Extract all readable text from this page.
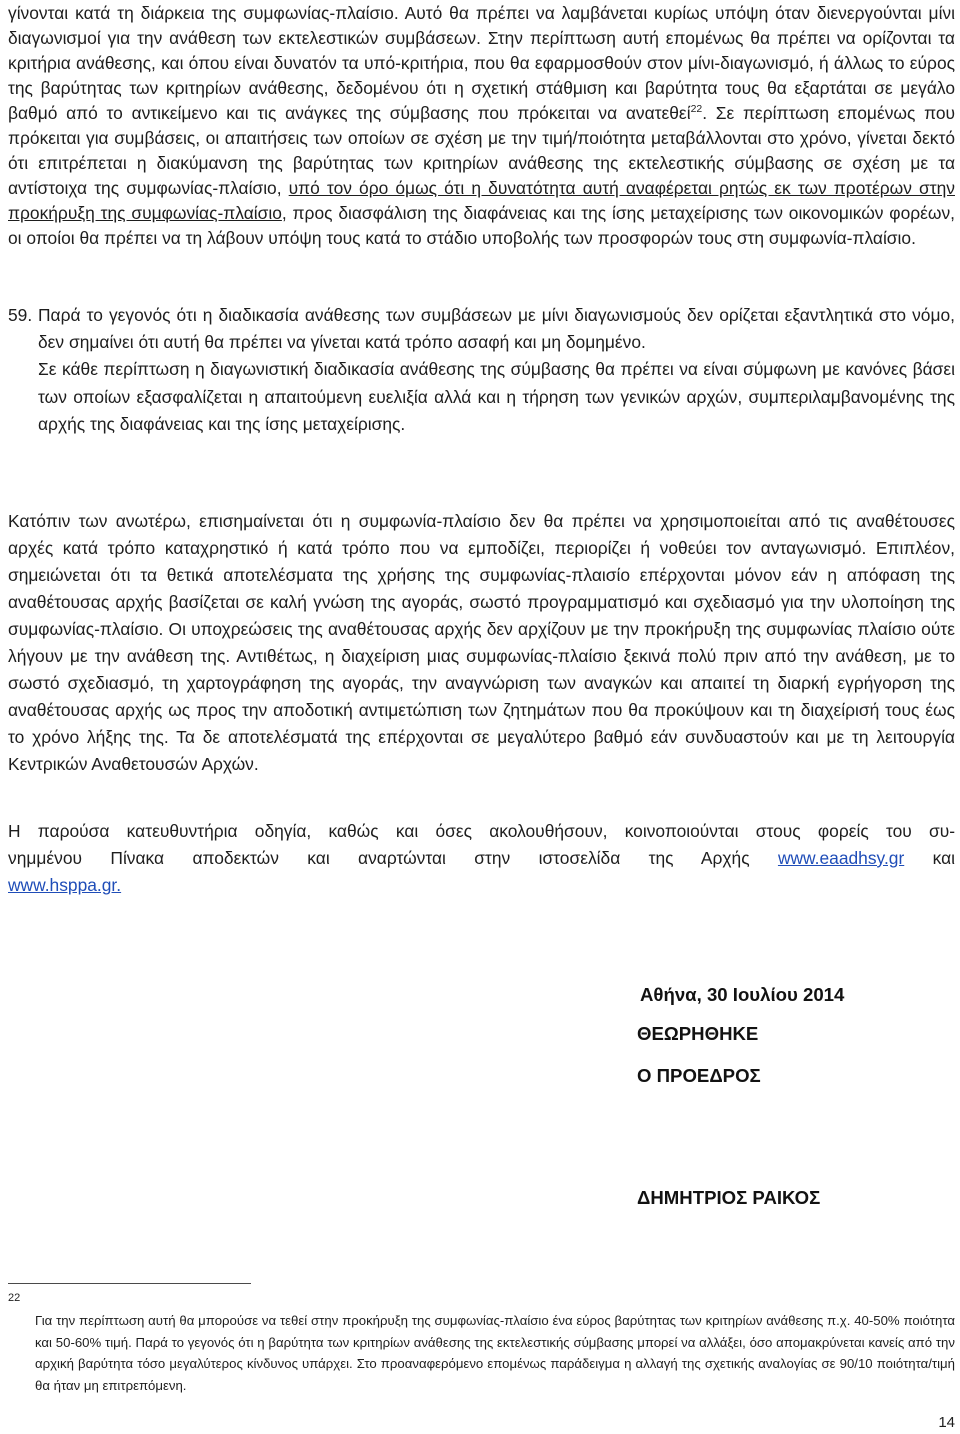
γίνονται κατά τη διάρκεια της συμφωνίας-πλαίσιο. Αυτό θα πρέπει να λαμβάνεται κυρίως υπόψη όταν διενεργούνται μίνι διαγωνισμοί για την ανάθεση των εκτελεστικών συμβάσεων. Στην περίπτωση αυτή επομένως θα πρέπει να ορίζονται τα κριτήρια ανάθεσης, και όπου είναι δυνατόν τα υπό-κριτήρια, που θα εφαρμοσθούν στον μίνι-διαγωνισμό, ή άλλως το εύρος της βαρύτητας των κριτηρίων ανάθεσης, δεδομένου ότι η σχετική στάθμιση και βαρύτητα τους θα εξαρτάται σε μεγάλο βαθμό από το αντικείμενο και τις ανάγκες της σύμβασης που πρόκειται να ανατεθεί$^{22}$. Σε περίπτωση επομένως που πρόκειται για συμβάσεις, οι απαιτήσεις των οποίων σε σχέση με την τιμή/ποιότητα μεταβάλλονται στο χρόνο, γίνεται δεκτό ότι επιτρέπεται η διακύμανση της βαρύτητας των κριτηρίων ανάθεσης της εκτελεστικής σύμβασης σε σχέση με τα αντίστοιχα της συμφωνίας-πλαίσιο, υπό τον όρο όμως ότι η δυνατότητα αυτή αναφέρεται ρητώς εκ των προτέρων στην προκήρυξη της συμφωνίας-πλαίσιο, προς διασφάλιση της διαφάνειας και της ίσης μεταχείρισης των οικονομικών φορέων, οι οποίοι θα πρέπει να τη λάβουν υπόψη τους κατά το στάδιο υποβολής των προσφορών τους στη συμφωνία-πλαίσιο.
59. Παρά το γεγονός ότι η διαδικασία ανάθεσης των συμβάσεων με μίνι διαγωνισμούς δεν ορίζεται εξαντλητικά στο νόμο, δεν σημαίνει ότι αυτή θα πρέπει να γίνεται κατά τρόπο ασαφή και μη δομημένο.
Σε κάθε περίπτωση η διαγωνιστική διαδικασία ανάθεσης της σύμβασης θα πρέπει να είναι σύμφωνη με κανόνες βάσει των οποίων εξασφαλίζεται η απαιτούμενη ευελιξία αλλά και η τήρηση των γενικών αρχών, συμπεριλαμβανομένης της αρχής της διαφάνειας και της ίσης μεταχείρισης.
Κατόπιν των ανωτέρω, επισημαίνεται ότι η συμφωνία-πλαίσιο δεν θα πρέπει να χρησιμοποιείται από τις αναθέτουσες αρχές κατά τρόπο καταχρηστικό ή κατά τρόπο που να εμποδίζει, περιορίζει ή νοθεύει τον ανταγωνισμό. Επιπλέον, σημειώνεται ότι τα θετικά αποτελέσματα της χρήσης της συμφωνίας-πλαισίο επέρχονται μόνον εάν η απόφαση της αναθέτουσας αρχής βασίζεται σε καλή γνώση της αγοράς, σωστό προγραμματισμό και σχεδιασμό για την υλοποίηση της συμφωνίας-πλαίσιο. Οι υποχρεώσεις της αναθέτουσας αρχής δεν αρχίζουν με την προκήρυξη της συμφωνίας πλαίσιο ούτε λήγουν με την ανάθεση της. Αντιθέτως, η διαχείριση μιας συμφωνίας-πλαίσιο ξεκινά πολύ πριν από την ανάθεση, με το σωστό σχεδιασμό, τη χαρτογράφηση της αγοράς, την αναγνώριση των αναγκών και απαιτεί τη διαρκή εγρήγορση της αναθέτουσας αρχής ως προς την αποδοτική αντιμετώπιση των ζητημάτων που θα προκύψουν και τη διαχείρισή τους έως το χρόνο λήξης της. Τα δε αποτελέσματά της επέρχονται σε μεγαλύτερο βαθμό εάν συνδυαστούν και με τη λειτουργία Κεντρικών Αναθετουσών Αρχών.
Η παρούσα κατευθυντήρια οδηγία, καθώς και όσες ακολουθήσουν, κοινοποιούνται στους φορείς του συ-
νημμένου Πίνακα αποδεκτών και αναρτώνται στην ιστοσελίδα της Αρχής www.eaadhsy.gr και
www.hsppa.gr.
Αθήνα, 30 Ιουλίου 2014
ΘΕΩΡΗΘΗΚΕ
Ο ΠΡΟΕΔΡΟΣ
ΔΗΜΗΤΡΙΟΣ ΡΑΙΚΟΣ
22
Για την περίπτωση αυτή θα μπορούσε να τεθεί στην προκήρυξη της συμφωνίας-πλαίσιο ένα εύρος βαρύτητας των κριτηρίων ανάθεσης π.χ. 40-50% ποιότητα και 50-60% τιμή. Παρά το γεγονός ότι η βαρύτητα των κριτηρίων ανάθεσης της εκτελεστικής σύμβασης μπορεί να αλλάξει, όσο απομακρύνεται κανείς από την αρχική βαρύτητα τόσο μεγαλύτερος κίνδυνος υπάρχει. Στο προαναφερόμενο επομένως παράδειγμα η αλλαγή της σχετικής αναλογίας σε 90/10 ποιότητα/τιμή θα ήταν μη επιτρεπόμενη.
14
